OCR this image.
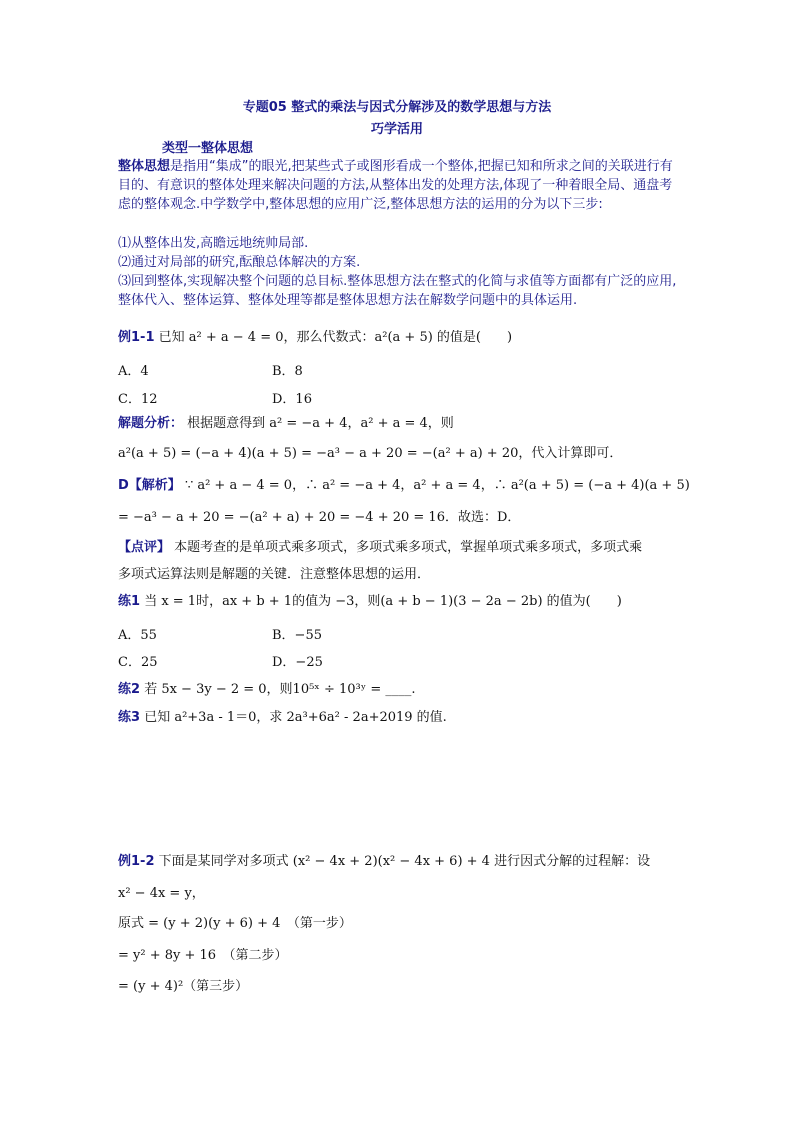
专题05 整式的乘法与因式分解涉及的数学思想与方法
巧学活用
类型一整体思想
整体思想是指用“集成”的眼光,把某些式子或图形看成一个整体,把握已知和所求之间的关联进行有目的、有意识的整体处理来解决问题的方法,从整体出发的处理方法,体现了一种着眼全局、通盘考虑的整体观念.中学数学中,整体思想的应用广泛,整体思想方法的运用的分为以下三步:
⑴从整体出发,高瞻远地统帅局部.
⑵通过对局部的研究,酝酿总体解决的方案.
⑶回到整体,实现解决整个问题的总目标.整体思想方法在整式的化简与求值等方面都有广泛的应用,整体代入、整体运算、整体处理等都是整体思想方法在解数学问题中的具体运用.
例1-1 已知 a² + a − 4 = 0，那么代数式：a²(a + 5) 的值是(　　)
A．4	B．8
C．12	D．16
解题分析： 根据题意得到 a² = −a + 4，a² + a = 4，则
a²(a + 5) = (−a + 4)(a + 5) = −a³ − a + 20 = −(a² + a) + 20，代入计算即可．
D【解析】 ∵ a² + a − 4 = 0，∴ a² = −a + 4，a² + a = 4，∴ a²(a + 5) = (−a + 4)(a + 5)
= −a³ − a + 20 = −(a² + a) + 20 = −4 + 20 = 16．故选：D．
【点评】 本题考查的是单项式乘多项式，多项式乘多项式，掌握单项式乘多项式，多项式乘
多项式运算法则是解题的关键．注意整体思想的运用．
练1 当 x = 1时，ax + b + 1的值为 −3，则(a + b − 1)(3 − 2a − 2b) 的值为(　　)
A．55	B．−55
C．25	D．−25
练2 若 5x − 3y − 2 = 0，则10⁵ˣ ÷ 10³ʸ = ____.
练3 已知 a²+3a - 1＝0，求 2a³+6a² - 2a+2019 的值.
例1-2 下面是某同学对多项式 (x² − 4x + 2)(x² − 4x + 6) + 4 进行因式分解的过程解：设
x² − 4x = y，
原式 = (y + 2)(y + 6) + 4　（第一步）
= y² + 8y + 16　（第二步）
= (y + 4)²（第三步）
